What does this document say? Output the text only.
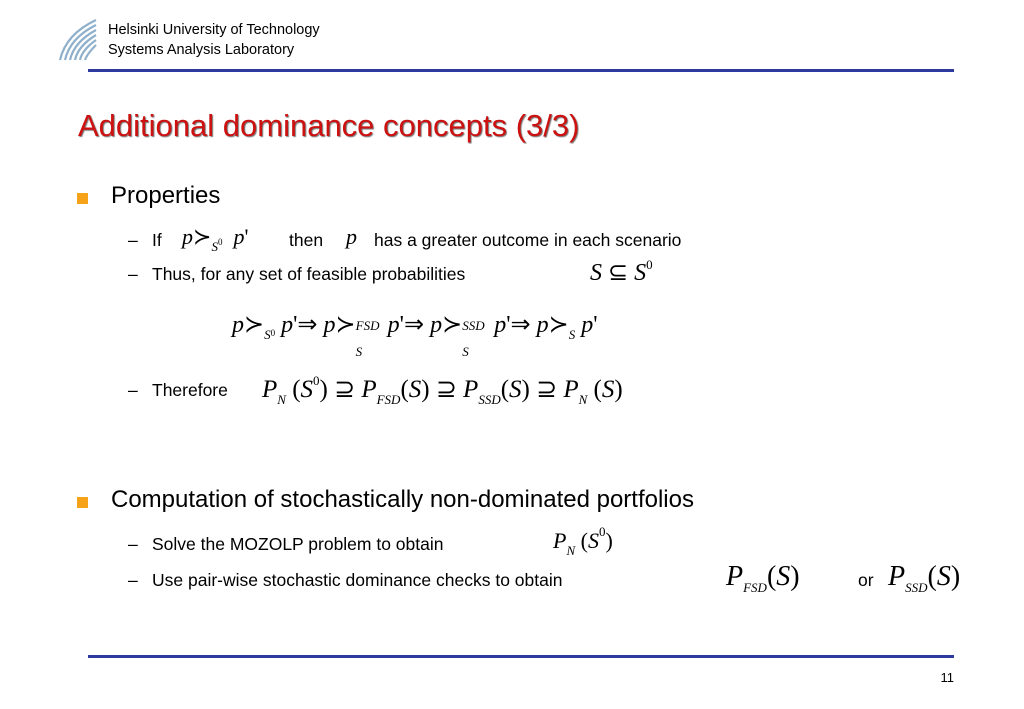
Helsinki University of Technology
Systems Analysis Laboratory
Additional dominance concepts (3/3)
Properties
– If $p≻_S0$ p' then p has a greater outcome in each scenario
– Thus, for any set of feasible probabilities	S ⊆ $S^0$
$p≻_S0$ p'⇒ p≻ FSD
S
p'⇒ p≻ SSD
S
p'⇒ $p≻_S$ p'
– Therefore $P_N$ $(S^0)$ ⊇ $P_{FSD}(S)$ ⊇ $P_{SSD}(S)$ ⊇ $P_N$ (S)
Computation of stochastically non-dominated portfolios
– Solve the MOZOLP problem to obtain	$P_N$ $(S^0)$
– Use pair-wise stochastic dominance checks to obtain	$P_{FSD}(S)$	or $P_{SSD}(S)$
11
